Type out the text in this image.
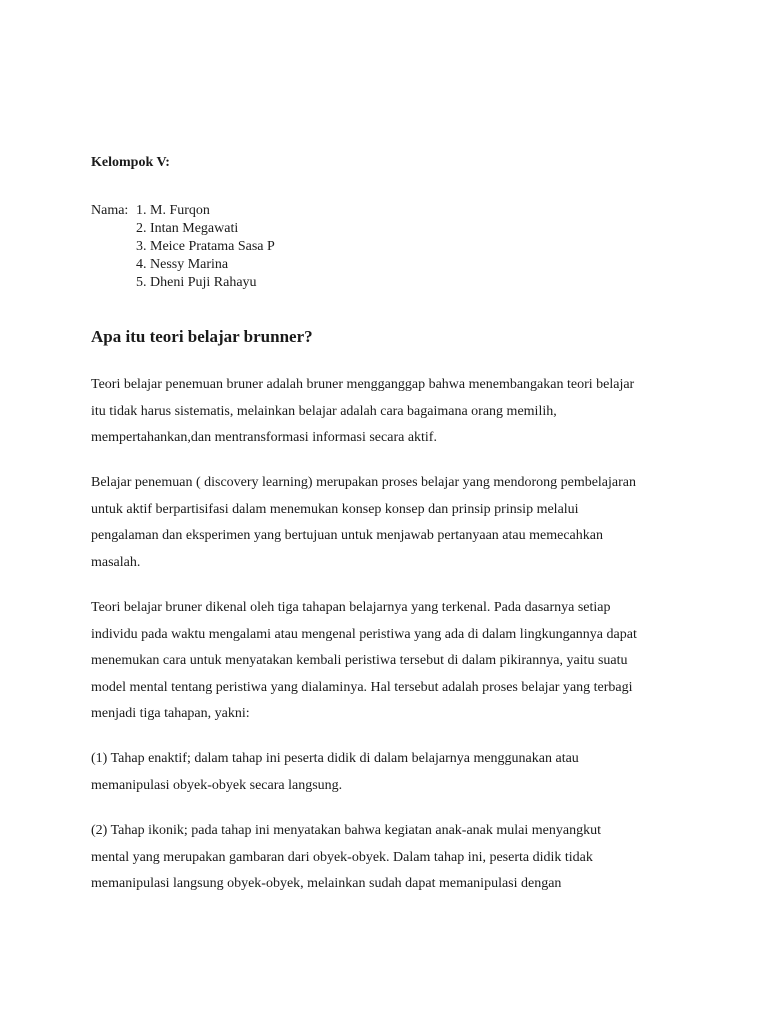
Kelompok V:
Nama: 1. M. Furqon
2. Intan Megawati
3. Meice Pratama Sasa P
4. Nessy Marina
5. Dheni Puji Rahayu
Apa itu teori belajar brunner?

Teori belajar penemuan bruner adalah bruner mengganggap bahwa menembangakan teori belajar
itu tidak harus sistematis, melainkan belajar adalah cara bagaimana orang memilih,
mempertahankan,dan mentransformasi informasi secara aktif.

Belajar penemuan ( discovery learning) merupakan proses belajar yang mendorong pembelajaran
untuk aktif berpartisifasi dalam menemukan konsep konsep dan prinsip prinsip melalui
pengalaman dan eksperimen yang bertujuan untuk menjawab pertanyaan atau memecahkan
masalah.

Teori belajar bruner dikenal oleh tiga tahapan belajarnya yang terkenal. Pada dasarnya setiap
individu pada waktu mengalami atau mengenal peristiwa yang ada di dalam lingkungannya dapat
menemukan cara untuk menyatakan kembali peristiwa tersebut di dalam pikirannya, yaitu suatu
model mental tentang peristiwa yang dialaminya. Hal tersebut adalah proses belajar yang terbagi
menjadi tiga tahapan, yakni:

(1) Tahap enaktif; dalam tahap ini peserta didik di dalam belajarnya menggunakan atau
memanipulasi obyek-obyek secara langsung.

(2) Tahap ikonik; pada tahap ini menyatakan bahwa kegiatan anak-anak mulai menyangkut
mental yang merupakan gambaran dari obyek-obyek. Dalam tahap ini, peserta didik tidak
memanipulasi langsung obyek-obyek, melainkan sudah dapat memanipulasi dengan
